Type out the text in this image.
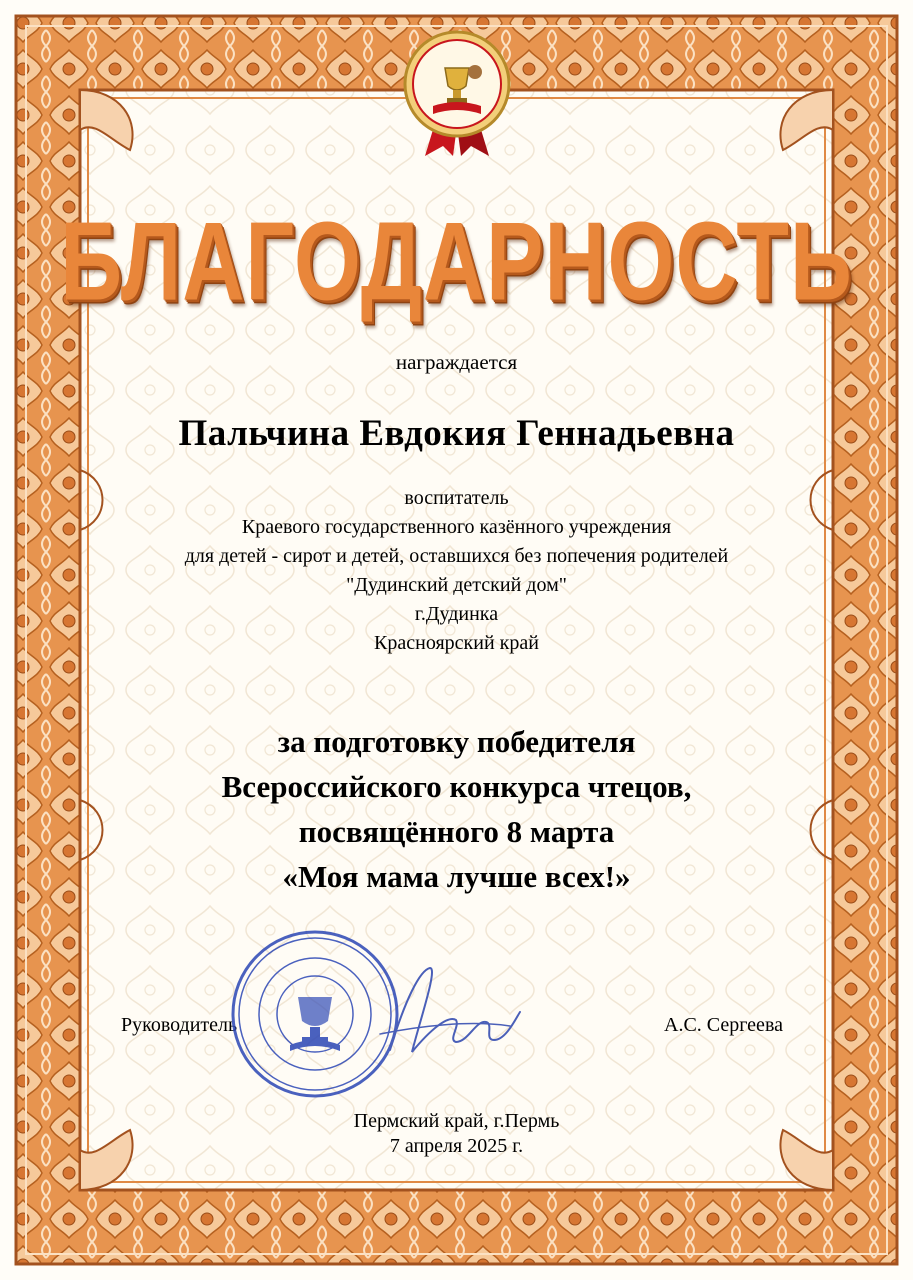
БЛАГОДАРНОСТЬ
награждается
Пальчина Евдокия Геннадьевна
воспитатель
Краевого государственного казённого учреждения
для детей - сирот и детей, оставшихся без попечения родителей
"Дудинский детский дом"
г.Дудинка
Красноярский край
за подготовку победителя
Всероссийского конкурса чтецов,
посвящённого 8 марта
«Моя мама лучше всех!»
Руководитель	А.С. Сергеева
Пермский край, г.Пермь
7 апреля 2025 г.
